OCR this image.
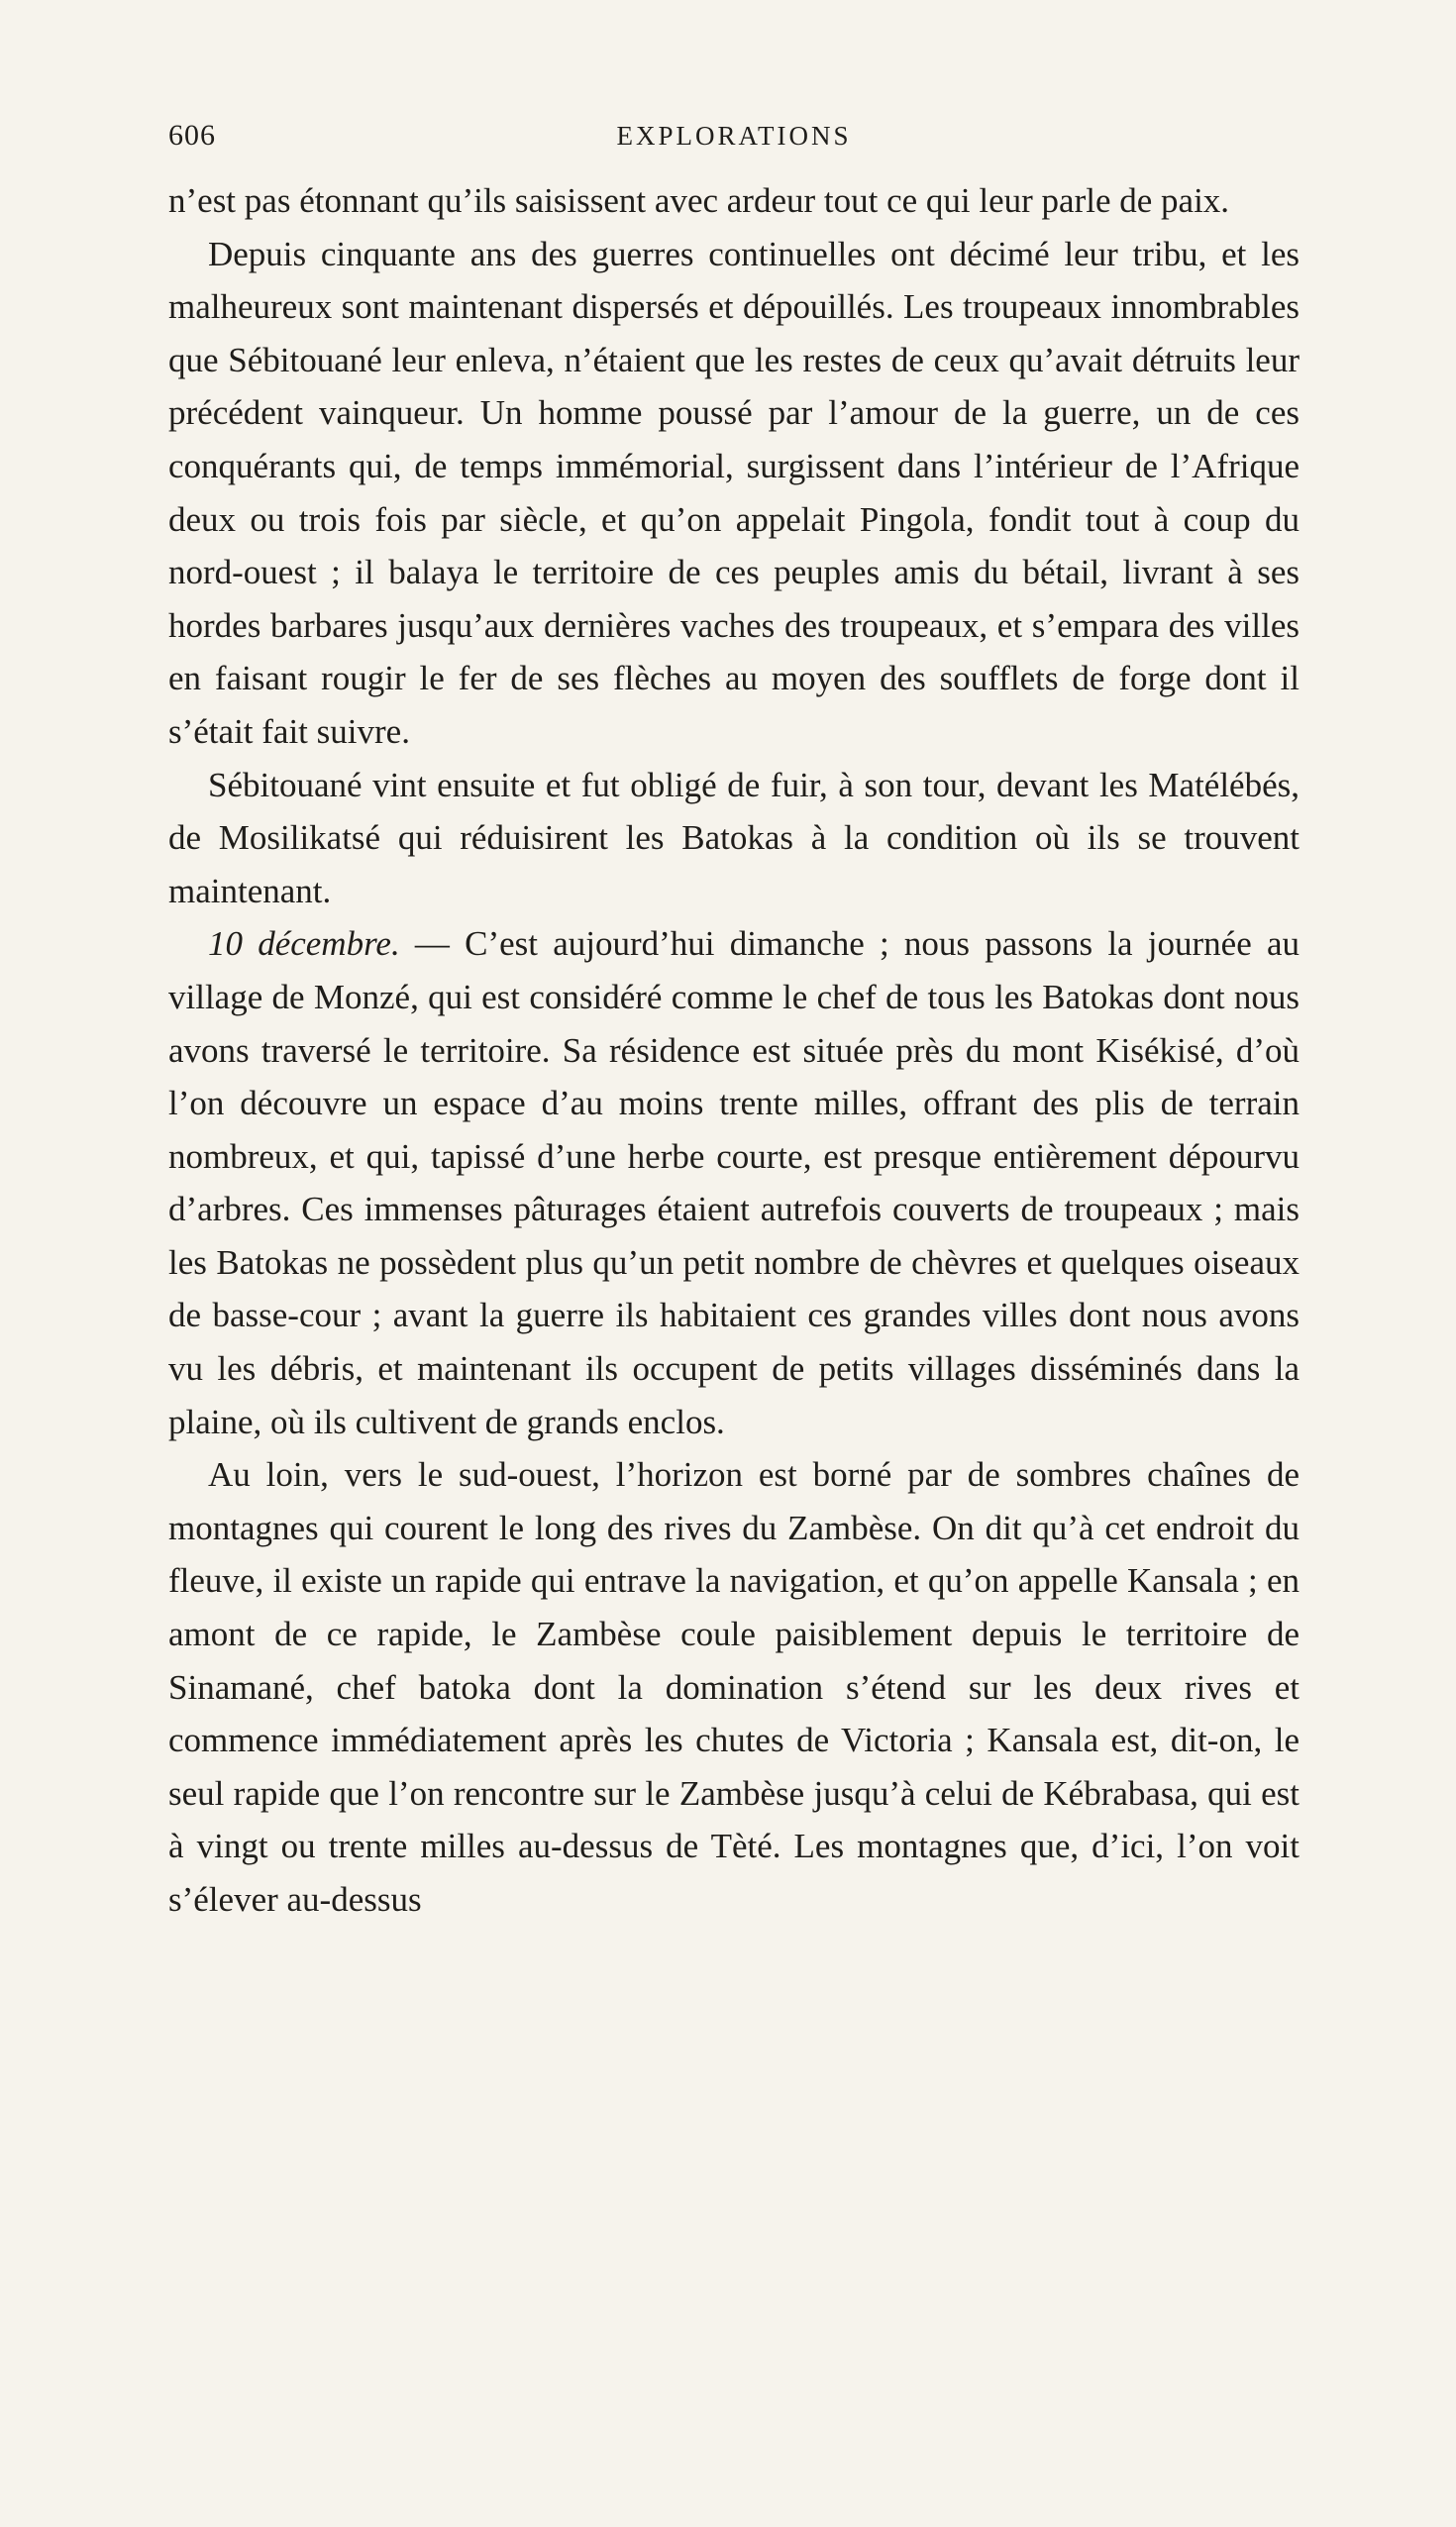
606	EXPLORATIONS

n’est pas étonnant qu’ils saisissent avec ardeur tout ce qui leur parle de paix.

Depuis cinquante ans des guerres continuelles ont décimé leur tribu, et les malheureux sont maintenant dispersés et dépouillés. Les troupeaux innombrables que Sébitouané leur enleva, n’étaient que les restes de ceux qu’avait détruits leur précédent vainqueur. Un homme poussé par l’amour de la guerre, un de ces conquérants qui, de temps immémorial, surgissent dans l’intérieur de l’Afrique deux ou trois fois par siècle, et qu’on appelait Pingola, fondit tout à coup du nord-ouest ; il balaya le territoire de ces peuples amis du bétail, livrant à ses hordes barbares jusqu’aux dernières vaches des troupeaux, et s’empara des villes en faisant rougir le fer de ses flèches au moyen des soufflets de forge dont il s’était fait suivre.

Sébitouané vint ensuite et fut obligé de fuir, à son tour, devant les Matélébés, de Mosilikatsé qui réduisirent les Batokas à la condition où ils se trouvent maintenant.

10 décembre. — C’est aujourd’hui dimanche ; nous passons la journée au village de Monzé, qui est considéré comme le chef de tous les Batokas dont nous avons traversé le territoire. Sa résidence est située près du mont Kisékisé, d’où l’on découvre un espace d’au moins trente milles, offrant des plis de terrain nombreux, et qui, tapissé d’une herbe courte, est presque entièrement dépourvu d’arbres. Ces immenses pâturages étaient autrefois couverts de troupeaux ; mais les Batokas ne possèdent plus qu’un petit nombre de chèvres et quelques oiseaux de basse-cour ; avant la guerre ils habitaient ces grandes villes dont nous avons vu les débris, et maintenant ils occupent de petits villages disséminés dans la plaine, où ils cultivent de grands enclos.

Au loin, vers le sud-ouest, l’horizon est borné par de sombres chaînes de montagnes qui courent le long des rives du Zambèse. On dit qu’à cet endroit du fleuve, il existe un rapide qui entrave la navigation, et qu’on appelle Kansala ; en amont de ce rapide, le Zambèse coule paisiblement depuis le territoire de Sinamané, chef batoka dont la domination s’étend sur les deux rives et commence immédiatement après les chutes de Victoria ; Kansala est, dit-on, le seul rapide que l’on rencontre sur le Zambèse jusqu’à celui de Kébrabasa, qui est à vingt ou trente milles au-dessus de Tèté. Les montagnes que, d’ici, l’on voit s’élever au-dessus
